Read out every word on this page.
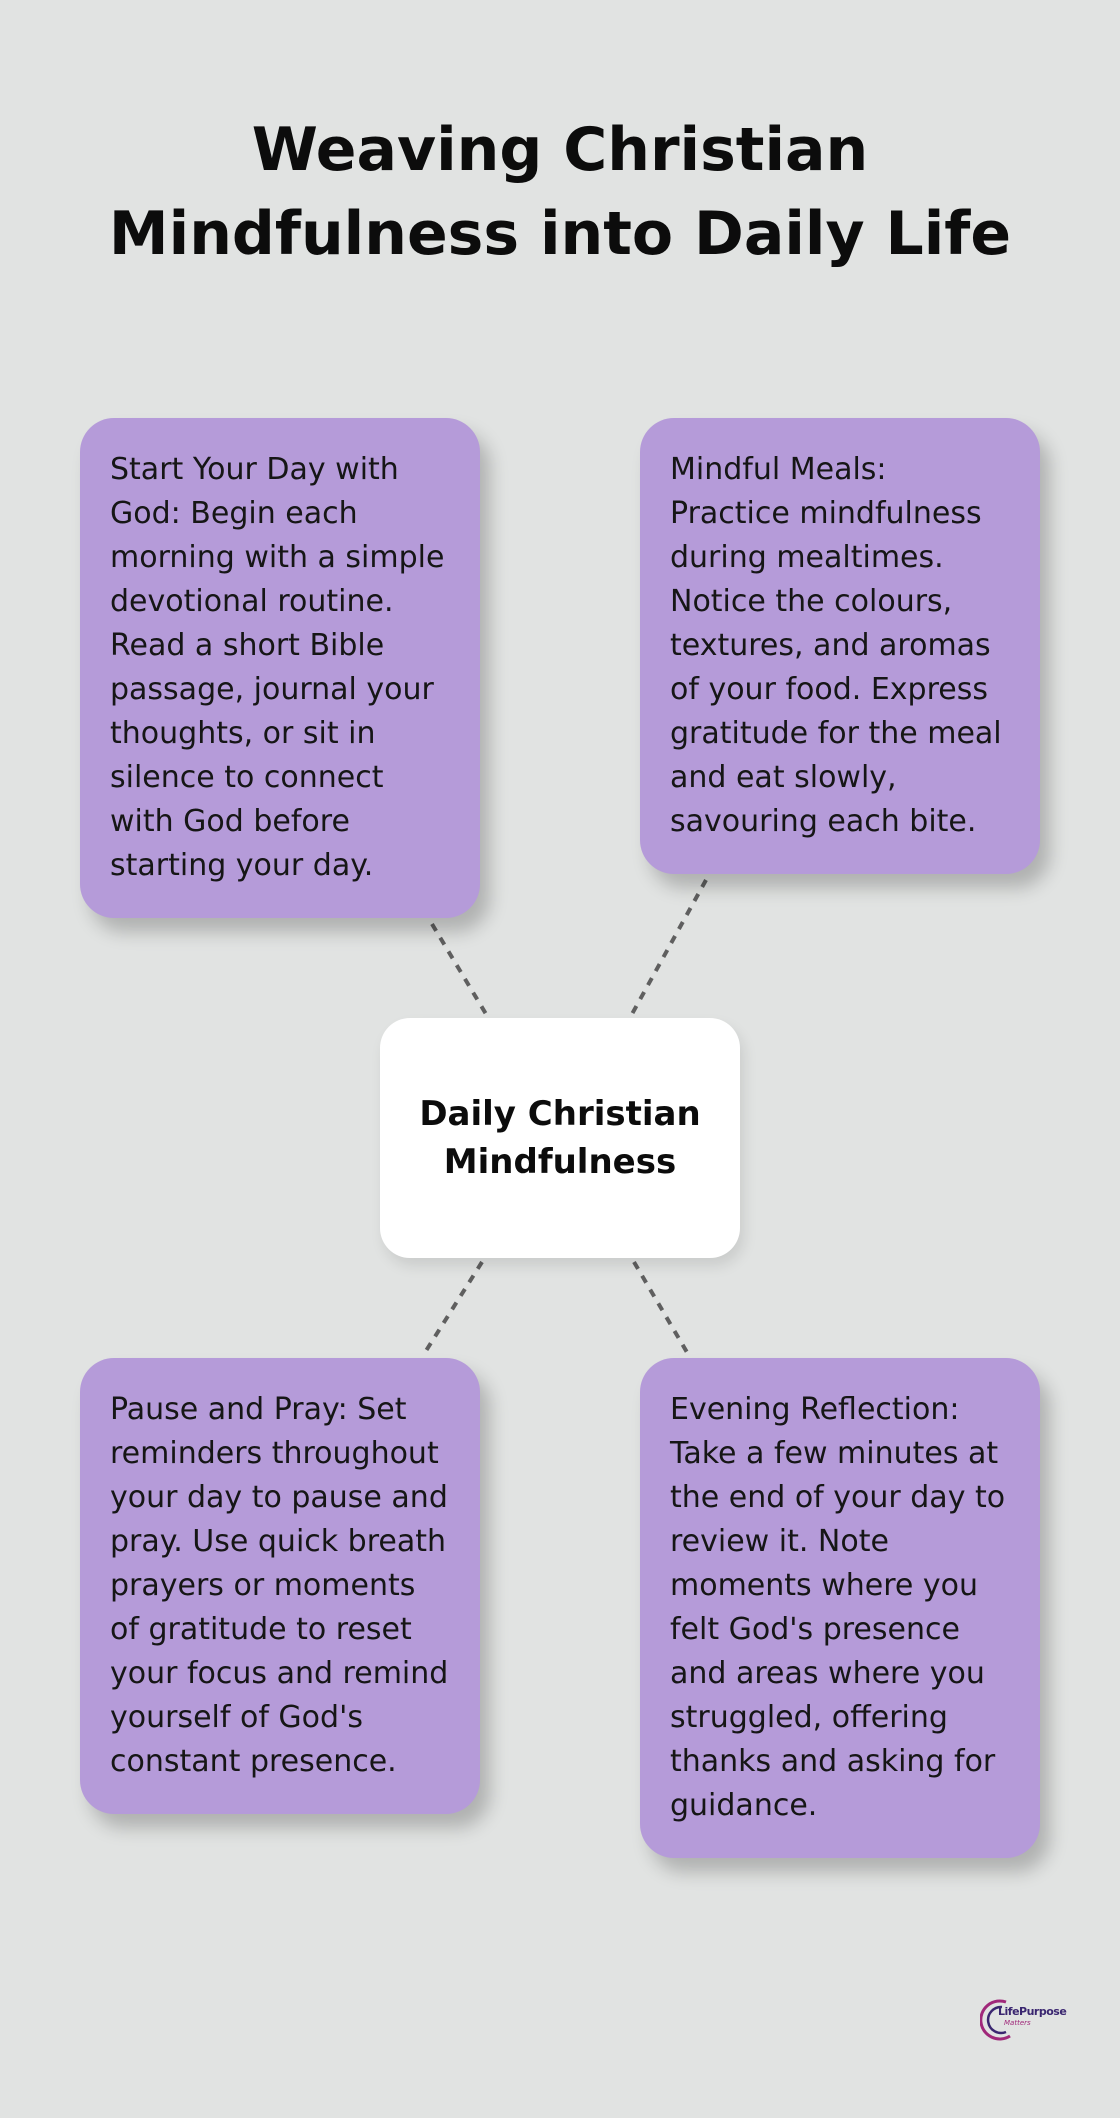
Weaving Christian Mindfulness into Daily Life
Start Your Day with God: Begin each morning with a simple devotional routine. Read a short Bible passage, journal your thoughts, or sit in silence to connect with God before starting your day.
Mindful Meals: Practice mindfulness during mealtimes. Notice the colours, textures, and aromas of your food. Express gratitude for the meal and eat slowly, savouring each bite.
Daily Christian Mindfulness
Pause and Pray: Set reminders throughout your day to pause and pray. Use quick breath prayers or moments of gratitude to reset your focus and remind yourself of God's constant presence.
Evening Reflection: Take a few minutes at the end of your day to review it. Note moments where you felt God's presence and areas where you struggled, offering thanks and asking for guidance.
LifePurpose
Matters
